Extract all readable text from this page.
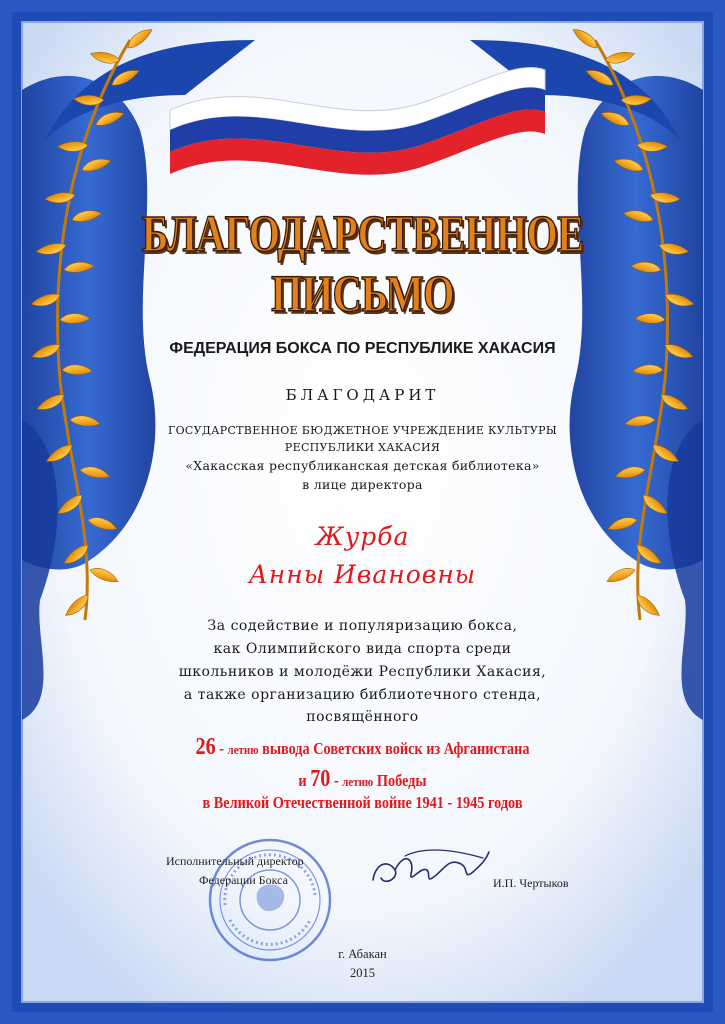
БЛАГОДАРСТВЕННОЕ
ПИСЬМО
ФЕДЕРАЦИЯ БОКСА ПО РЕСПУБЛИКЕ ХАКАСИЯ
БЛАГОДАРИТ
ГОСУДАРСТВЕННОЕ БЮДЖЕТНОЕ УЧРЕЖДЕНИЕ КУЛЬТУРЫ
РЕСПУБЛИКИ ХАКАСИЯ
«Хакасская республиканская детская библиотека»
в лице директора
Журба
Анны Ивановны
За содействие и популяризацию бокса,
как Олимпийского вида спорта среди
школьников и молодёжи Республики Хакасия,
а также организацию библиотечного стенда,
посвящённого
26 - летию вывода Советских войск из Афганистана
и 70 - летию Победы
в Великой Отечественной войне 1941 - 1945 годов
Исполнительный директор
Федерации Бокса	И.П. Чертыков
г. Абакан
2015
